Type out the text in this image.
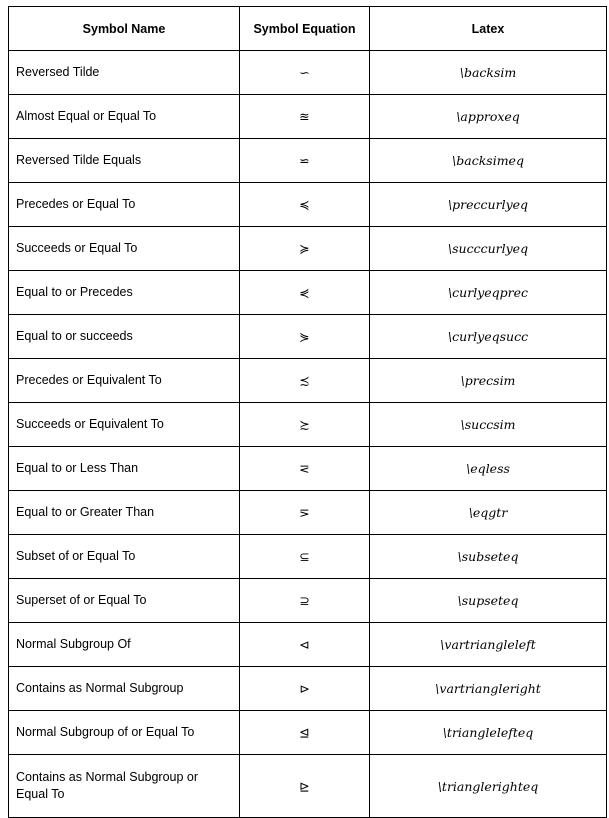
Symbol Name	Symbol Equation	Latex
Reversed Tilde	∽	\backsim
Almost Equal or Equal To	≊	\approxeq
Reversed Tilde Equals	⋍	\backsimeq
Precedes or Equal To	≼	\preccurlyeq
Succeeds or Equal To	≽	\succcurlyeq
Equal to or Precedes	⋞	\curlyeqprec
Equal to or succeeds	⋟	\curlyeqsucc
Precedes or Equivalent To	≾	\precsim
Succeeds or Equivalent To	≿	\succsim
Equal to or Less Than	⋜	\eqless
Equal to or Greater Than	⋝	\eqgtr
Subset of or Equal To	⊆	\subseteq
Superset of or Equal To	⊇	\supseteq
Normal Subgroup Of	⊲	\vartriangleleft
Contains as Normal Subgroup	⊳	\vartriangleright
Normal Subgroup of or Equal To	⊴	\trianglelefteq
Contains as Normal Subgroup or Equal To	⊵	\trianglerighteq
